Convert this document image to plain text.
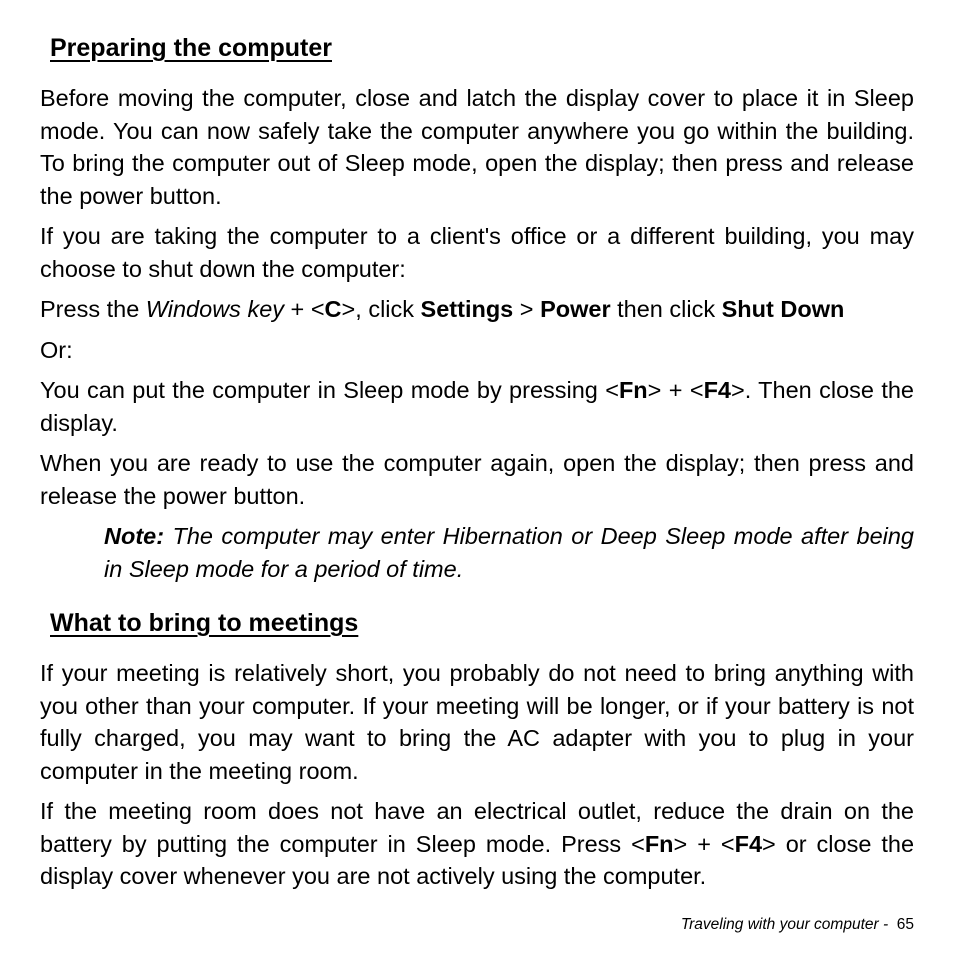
Preparing the computer

Before moving the computer, close and latch the display cover to place it in Sleep mode. You can now safely take the computer anywhere you go within the building. To bring the computer out of Sleep mode, open the display; then press and release the power button.

If you are taking the computer to a client's office or a different building, you may choose to shut down the computer:

Press the Windows key + <C>, click Settings > Power then click Shut Down

Or:

You can put the computer in Sleep mode by pressing <Fn> + <F4>. Then close the display.

When you are ready to use the computer again, open the display; then press and release the power button.

Note: The computer may enter Hibernation or Deep Sleep mode after being in Sleep mode for a period of time.

What to bring to meetings

If your meeting is relatively short, you probably do not need to bring anything with you other than your computer. If your meeting will be longer, or if your battery is not fully charged, you may want to bring the AC adapter with you to plug in your computer in the meeting room.

If the meeting room does not have an electrical outlet, reduce the drain on the battery by putting the computer in Sleep mode. Press <Fn> + <F4> or close the display cover whenever you are not actively using the computer.

Traveling with your computer -  65
